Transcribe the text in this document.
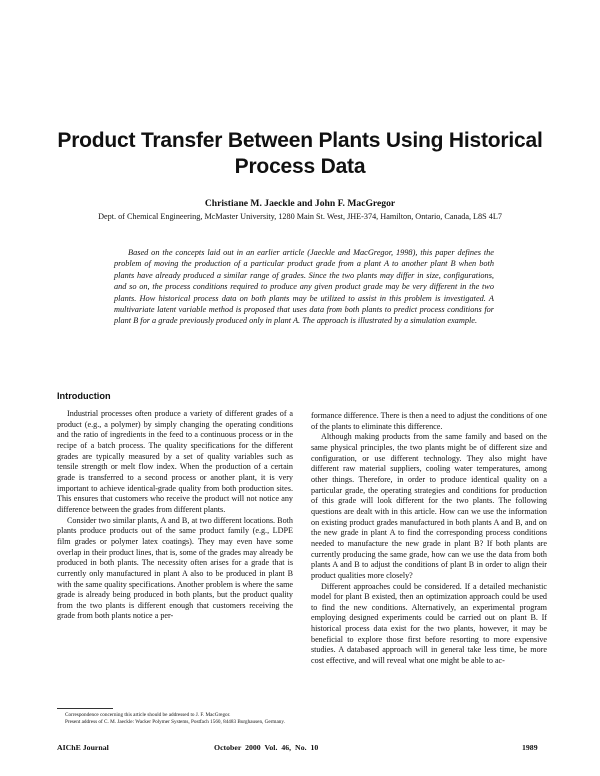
Product Transfer Between Plants Using Historical Process Data

Christiane M. Jaeckle and John F. MacGregor

Dept. of Chemical Engineering, McMaster University, 1280 Main St. West, JHE-374, Hamilton, Ontario, Canada, L8S 4L7

Based on the concepts laid out in an earlier article (Jaeckle and MacGregor, 1998), this paper defines the problem of moving the production of a particular product grade from a plant A to another plant B when both plants have already produced a similar range of grades. Since the two plants may differ in size, configurations, and so on, the process conditions required to produce any given product grade may be very different in the two plants. How historical process data on both plants may be utilized to assist in this problem is investigated. A multivariate latent variable method is proposed that uses data from both plants to predict process conditions for plant B for a grade previously produced only in plant A. The approach is illustrated by a simulation example.

Introduction

Industrial processes often produce a variety of different grades of a product (e.g., a polymer) by simply changing the operating conditions and the ratio of ingredients in the feed to a continuous process or in the recipe of a batch process. The quality specifications for the different grades are typically measured by a set of quality variables such as tensile strength or melt flow index. When the production of a certain grade is transferred to a second process or another plant, it is very important to achieve identical-grade quality from both production sites. This ensures that customers who receive the product will not notice any difference between the grades from different plants.

Consider two similar plants, A and B, at two different locations. Both plants produce products out of the same product family (e.g., LDPE film grades or polymer latex coatings). They may even have some overlap in their product lines, that is, some of the grades may already be produced in both plants. The necessity often arises for a grade that is currently only manufactured in plant A also to be produced in plant B with the same quality specifications. Another problem is where the same grade is already being produced in both plants, but the product quality from the two plants is different enough that customers receiving the grade from both plants notice a per-

formance difference. There is then a need to adjust the conditions of one of the plants to eliminate this difference.

Although making products from the same family and based on the same physical principles, the two plants might be of different size and configuration, or use different technology. They also might have different raw material suppliers, cooling water temperatures, among other things. Therefore, in order to produce identical quality on a particular grade, the operating strategies and conditions for production of this grade will look different for the two plants. The following questions are dealt with in this article. How can we use the information on existing product grades manufactured in both plants A and B, and on the new grade in plant A to find the corresponding process conditions needed to manufacture the new grade in plant B? If both plants are currently producing the same grade, how can we use the data from both plants A and B to adjust the conditions of plant B in order to align their product qualities more closely?

Different approaches could be considered. If a detailed mechanistic model for plant B existed, then an optimization approach could be used to find the new conditions. Alternatively, an experimental program employing designed experiments could be carried out on plant B. If historical process data exist for the two plants, however, it may be beneficial to explore those first before resorting to more expensive studies. A databased approach will in general take less time, be more cost effective, and will reveal what one might be able to ac-

Correspondence concerning this article should be addressed to J. F. MacGregor.

Present address of C. M. Jaeckle: Wacker Polymer Systems, Postfach 1560, 84483 Burghausen, Germany.

AIChE Journal	October 2000 Vol. 46, No. 10	1989
